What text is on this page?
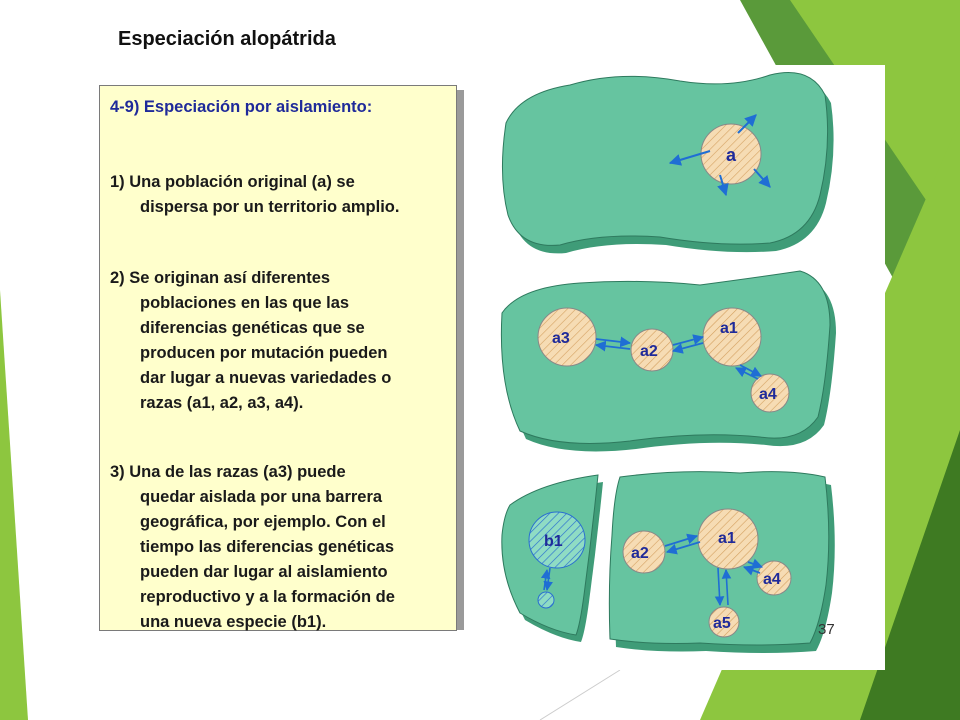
Especiación alopátrida
4-9) Especiación por aislamiento:
1) Una población original (a) se
dispersa por un territorio amplio.
2) Se originan así diferentes
poblaciones en las que las
diferencias genéticas que se
producen por mutación pueden
dar lugar a nuevas variedades o
razas (a1, a2, a3, a4).
3) Una de las razas (a3) puede
quedar aislada por una barrera
geográfica, por ejemplo. Con el
tiempo las diferencias genéticas
pueden dar lugar al aislamiento
reproductivo y a la formación de
una nueva especie (b1).
a
a3
a2
a1
a4
b1
a2
a1
a4
a5	37
